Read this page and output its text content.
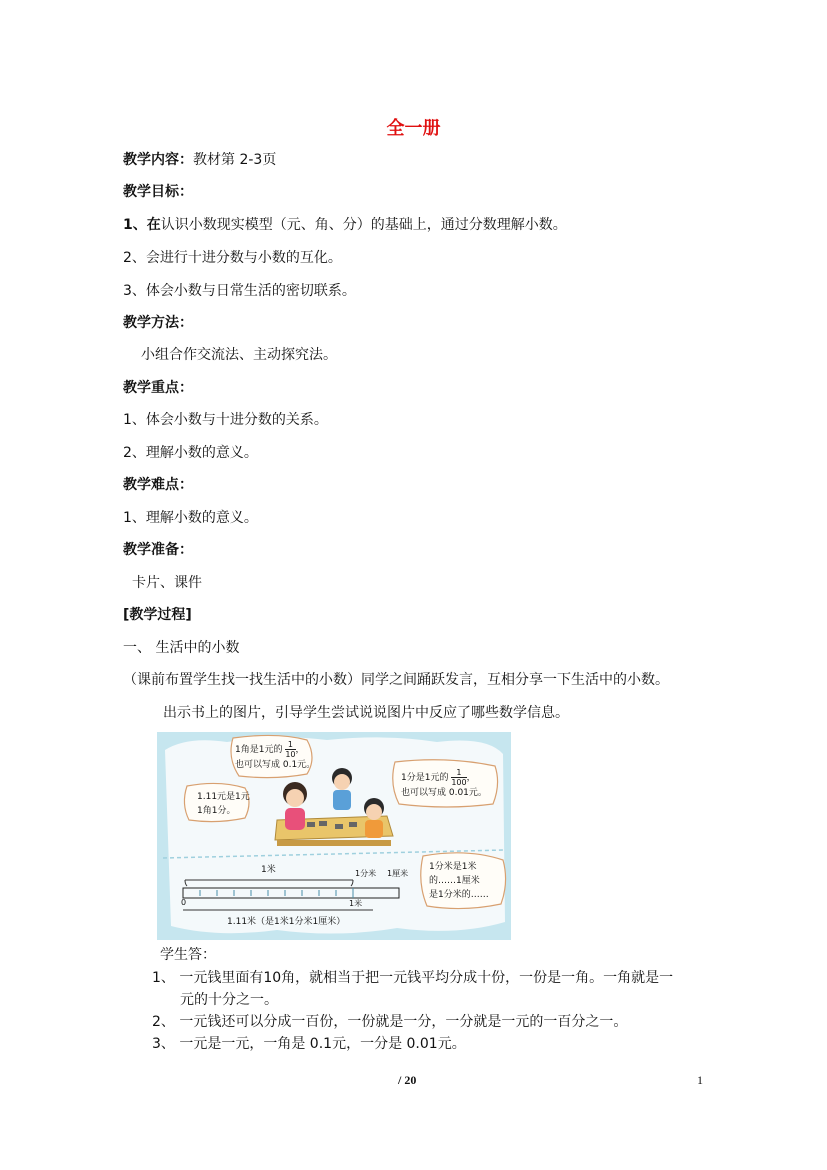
全一册
教学内容：教材第 2-3页
教学目标：
1、在认识小数现实模型（元、角、分）的基础上，通过分数理解小数。
2、会进行十进分数与小数的互化。
3、体会小数与日常生活的密切联系。
教学方法：
小组合作交流法、主动探究法。
教学重点：
1、体会小数与十进分数的关系。
2、理解小数的意义。
教学难点：
1、理解小数的意义。
教学准备：
卡片、课件
[教学过程]
一、 生活中的小数
（课前布置学生找一找生活中的小数）同学之间踊跃发言，互相分享一下生活中的小数。
出示书上的图片，引导学生尝试说说图片中反应了哪些数学信息。
1角是1元的 $\frac{1}{10}$ ，
也可以写成 0.1元。
1分是1元的 $\frac{1}{100}$ ，
也可以写成 0.01元。
1.11元是1元
1角1分。
1分米是1米
的……1厘米
是1分米的……
1米	1分米 1厘米
0	1米
1.11米（是1米1分米1厘米）
学生答：
1、 一元钱里面有10角，就相当于把一元钱平均分成十份，一份是一角。一角就是一
元的十分之一。
2、 一元钱还可以分成一百份，一份就是一分，一分就是一元的一百分之一。
3、 一元是一元，一角是 0.1元，一分是 0.01元。
/ 20	1
